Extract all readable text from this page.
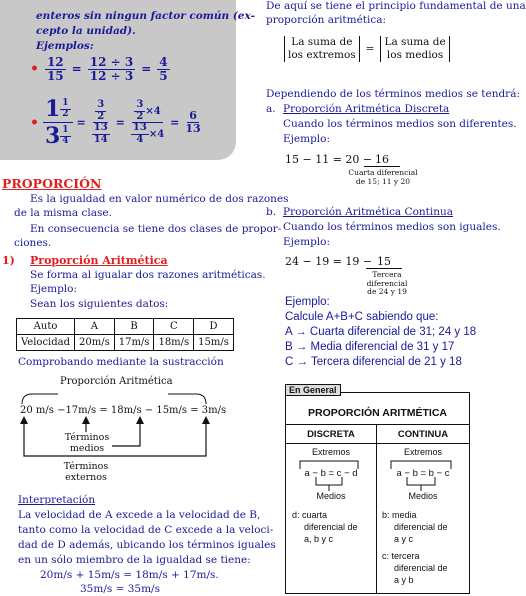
enteros sin ningun factor común (ex-
cepto la unidad).
Ejemplos:
• $\frac{12}{15} = \frac{12 \div 3}{12 \div 3} = \frac{4}{5}$
• $\frac{1 \frac{1}{2}}{3 \frac{1}{4}} = \frac{\frac{3}{2}}{\frac{13}{14}} = \frac{\frac{3}{2} \times 4}{\frac{13}{4} \times 4} = \frac{6}{13}$
PROPORCIÓN
Es la igualdad en valor numérico de dos razones
de la misma clase.
En consecuencia se tiene dos clases de propor-
ciones.
1) Proporción Aritmética
Se forma al igualar dos razones aritméticas.
Ejemplo:
Sean los siguientes datos:
Auto	A	B	C	D
Velocidad	20m/s	17m/s	18m/s	15m/s
Comprobando mediante la sustracción
Proporción Aritmética
20 m/s −17m/s = 18m/s − 15m/s = 3m/s
Términos
medios
Términos
externos
Interpretación
La velocidad de A excede a la velocidad de B,
tanto como la velocidad de C excede a la veloci-
dad de D además, ubicando los términos iguales
en un sólo miembro de la igualdad se tiene:
20m/s + 15m/s = 18m/s + 17m/s.
35m/s = 35m/s
De aquí se tiene el principio fundamental de una
proporción aritmética:
La suma de
los extremos =
La suma de
los medios
Dependiendo de los términos medios se tendrá:
a. Proporción Aritmética Discreta
Cuando los términos medios son diferentes.
Ejemplo:
15 − 11 = 20 − 16
Cuarta diferencial
de 15; 11 y 20
b. Proporción Aritmética Continua
Cuando los términos medios son iguales.
Ejemplo:
24 − 19 = 19 − 15
Tercera diferencial
de 24 y 19
Ejemplo:
Calcule A+B+C sabiendo que:
A → Cuarta diferencial de 31; 24 y 18
B → Media diferencial de 31 y 17
C → Tercera diferencial de 21 y 18
En General
PROPORCIÓN ARITMÉTICA
DISCRETA	CONTINUA
Extremos
a − b = c − d
Medios
d: cuarta
diferencial de
a, b y c
Extremos
a − b = b − c
Medios
b: media
diferencial de
a y c
c: tercera
diferencial de
a y b
